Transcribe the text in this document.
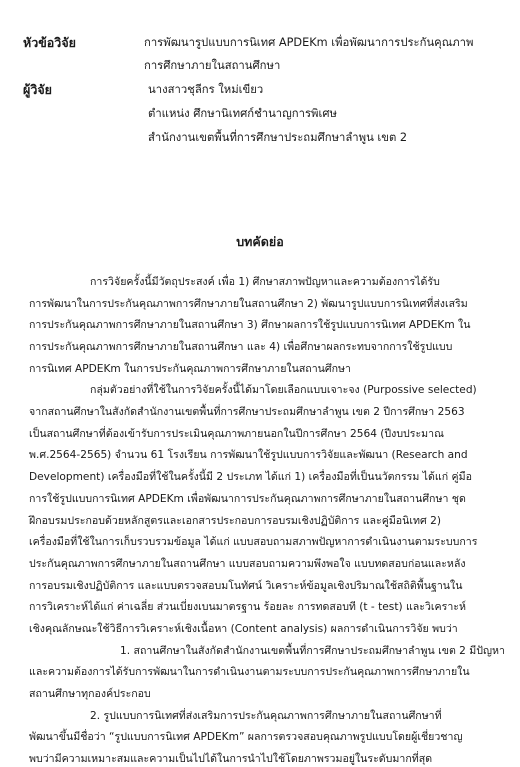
หัวข้อวิจัย	การพัฒนารูปแบบการนิเทศ APDEKm เพื่อพัฒนาการประกันคุณภาพ
การศึกษาภายในสถานศึกษา
ผู้วิจัย	นางสาวชุลีกร ใหม่เขียว
ตำแหน่ง ศึกษานิเทศก์ชำนาญการพิเศษ
สำนักงานเขตพื้นที่การศึกษาประถมศึกษาลำพูน เขต 2
บทคัดย่อ
การวิจัยครั้งนี้มีวัตถุประสงค์ เพื่อ 1) ศึกษาสภาพปัญหาและความต้องการได้รับ
การพัฒนาในการประกันคุณภาพการศึกษาภายในสถานศึกษา 2) พัฒนารูปแบบการนิเทศที่ส่งเสริม
การประกันคุณภาพการศึกษาภายในสถานศึกษา 3) ศึกษาผลการใช้รูปแบบการนิเทศ APDEKm ใน
การประกันคุณภาพการศึกษาภายในสถานศึกษา และ 4) เพื่อศึกษาผลกระทบจากการใช้รูปแบบ
การนิเทศ APDEKm ในการประกันคุณภาพการศึกษาภายในสถานศึกษา
กลุ่มตัวอย่างที่ใช้ในการวิจัยครั้งนี้ได้มาโดยเลือกแบบเจาะจง (Purpossive selected)
จากสถานศึกษาในสังกัดสำนักงานเขตพื้นที่การศึกษาประถมศึกษาลำพูน เขต 2 ปีการศึกษา 2563
เป็นสถานศึกษาที่ต้องเข้ารับการประเมินคุณภาพภายนอกในปีการศึกษา 2564 (ปีงบประมาณ
พ.ศ.2564-2565) จำนวน 61 โรงเรียน การพัฒนาใช้รูปแบบการวิจัยและพัฒนา (Research and
Development) เครื่องมือที่ใช้ในครั้งนี้มี 2 ประเภท ได้แก่ 1) เครื่องมือที่เป็นนวัตกรรม ได้แก่ คู่มือ
การใช้รูปแบบการนิเทศ APDEKm เพื่อพัฒนาการประกันคุณภาพการศึกษาภายในสถานศึกษา ชุด
ฝึกอบรมประกอบด้วยหลักสูตรและเอกสารประกอบการอบรมเชิงปฏิบัติการ และคู่มือนิเทศ 2)
เครื่องมือที่ใช้ในการเก็บรวบรวมข้อมูล ได้แก่ แบบสอบถามสภาพปัญหาการดำเนินงานตามระบบการ
ประกันคุณภาพการศึกษาภายในสถานศึกษา แบบสอบถามความพึงพอใจ แบบทดสอบก่อนและหลัง
การอบรมเชิงปฏิบัติการ และแบบตรวจสอบมโนทัศน์ วิเคราะห์ข้อมูลเชิงปริมาณใช้สถิติพื้นฐานใน
การวิเคราะห์ได้แก่ ค่าเฉลี่ย ส่วนเบี่ยงเบนมาตรฐาน ร้อยละ การทดสอบที (t - test) และวิเคราะห์
เชิงคุณลักษณะใช้วิธีการวิเคราะห์เชิงเนื้อหา (Content analysis) ผลการดำเนินการวิจัย พบว่า
1. สถานศึกษาในสังกัดสำนักงานเขตพื้นที่การศึกษาประถมศึกษาลำพูน เขต 2 มีปัญหา
และความต้องการได้รับการพัฒนาในการดำเนินงานตามระบบการประกันคุณภาพการศึกษาภายใน
สถานศึกษาทุกองค์ประกอบ
2. รูปแบบการนิเทศที่ส่งเสริมการประกันคุณภาพการศึกษาภายในสถานศึกษาที่
พัฒนาขึ้นมีชื่อว่า “รูปแบบการนิเทศ APDEKm” ผลการตรวจสอบคุณภาพรูปแบบโดยผู้เชี่ยวชาญ
พบว่ามีความเหมาะสมและความเป็นไปได้ในการนำไปใช้โดยภาพรวมอยู่ในระดับมากที่สุด
